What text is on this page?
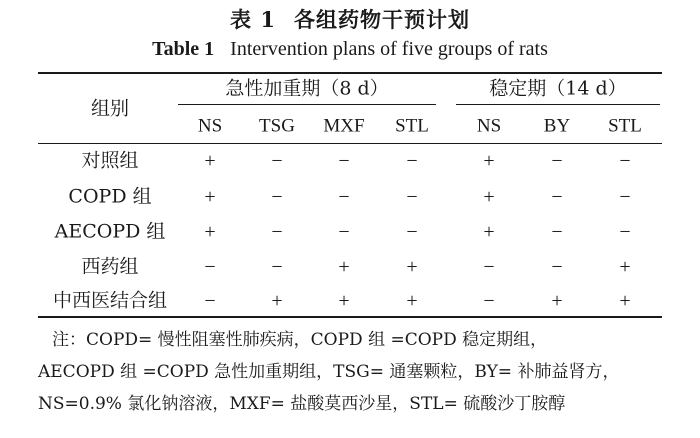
表 1 各组药物干预计划
Table 1 Intervention plans of five groups of rats
组别
急性加重期（8 d）	稳定期（14 d）
NS TSG MXF STL	NS BY STL
对照组	+	−	−	−	+	−	−
COPD 组	+	−	−	−	+	−	−
AECOPD 组 +	−	−	−	+	−	−
西药组	−	−	+	+	−	−	+
中西医结合组 −	+	+	+	−	+	+
注：COPD= 慢性阻塞性肺疾病，COPD 组 =COPD 稳定期组，
AECOPD 组 =COPD 急性加重期组，TSG= 通塞颗粒，BY= 补肺益肾方，
NS=0.9% 氯化钠溶液，MXF= 盐酸莫西沙星，STL= 硫酸沙丁胺醇
